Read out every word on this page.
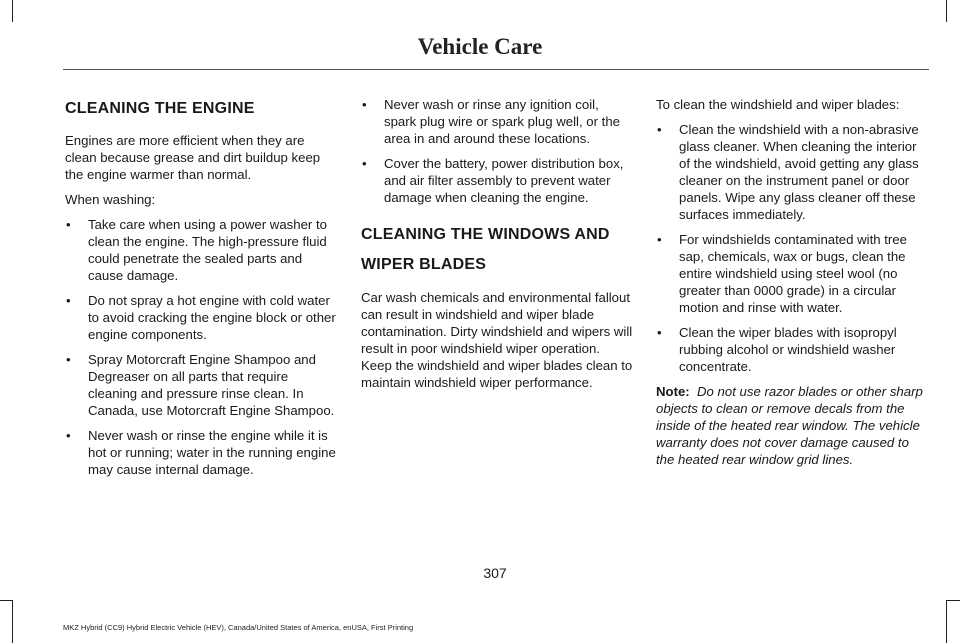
Vehicle Care
CLEANING THE ENGINE

Engines are more efficient when they are clean because grease and dirt buildup keep the engine warmer than normal.

When washing:

• Take care when using a power washer to clean the engine. The high-pressure fluid could penetrate the sealed parts and cause damage.
• Do not spray a hot engine with cold water to avoid cracking the engine block or other engine components.
• Spray Motorcraft Engine Shampoo and Degreaser on all parts that require cleaning and pressure rinse clean. In Canada, use Motorcraft Engine Shampoo.
• Never wash or rinse the engine while it is hot or running; water in the running engine may cause internal damage.
• Never wash or rinse any ignition coil, spark plug wire or spark plug well, or the area in and around these locations.
• Cover the battery, power distribution box, and air filter assembly to prevent water damage when cleaning the engine.
CLEANING THE WINDOWS AND
WIPER BLADES

Car wash chemicals and environmental fallout can result in windshield and wiper blade contamination. Dirty windshield and wipers will result in poor windshield wiper operation. Keep the windshield and wiper blades clean to maintain windshield wiper performance.

To clean the windshield and wiper blades:

• Clean the windshield with a non-abrasive glass cleaner. When cleaning the interior of the windshield, avoid getting any glass cleaner on the instrument panel or door panels. Wipe any glass cleaner off these surfaces immediately.
• For windshields contaminated with tree sap, chemicals, wax or bugs, clean the entire windshield using steel wool (no greater than 0000 grade) in a circular motion and rinse with water.
• Clean the wiper blades with isopropyl rubbing alcohol or windshield washer concentrate.

Note: Do not use razor blades or other sharp objects to clean or remove decals from the inside of the heated rear window. The vehicle warranty does not cover damage caused to the heated rear window grid lines.

307
MKZ Hybrid (CC9) Hybrid Electric Vehicle (HEV), Canada/United States of America, enUSA, First Printing
